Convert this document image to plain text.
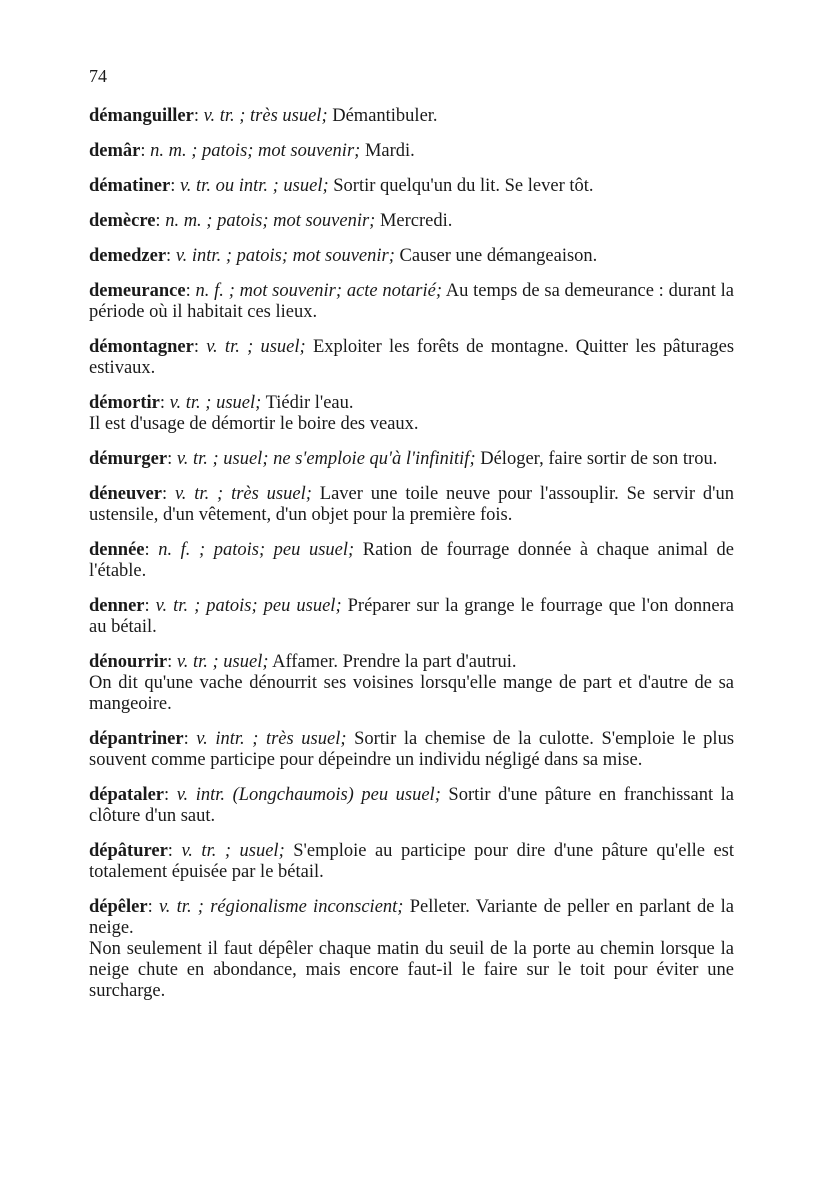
74

démanguiller: v. tr. ; très usuel; Démantibuler.

demâr: n. m. ; patois; mot souvenir; Mardi.

dématiner: v. tr. ou intr. ; usuel; Sortir quelqu'un du lit. Se lever tôt.

demècre: n. m. ; patois; mot souvenir; Mercredi.

demedzer: v. intr. ; patois; mot souvenir; Causer une démangeaison.

demeurance: n. f. ; mot souvenir; acte notarié; Au temps de sa demeurance : durant la période où il habitait ces lieux.

démontagner: v. tr. ; usuel; Exploiter les forêts de montagne. Quitter les pâturages estivaux.

démortir: v. tr. ; usuel; Tiédir l'eau.

Il est d'usage de démortir le boire des veaux.

démurger: v. tr. ; usuel; ne s'emploie qu'à l'infinitif; Déloger, faire sortir de son trou.

déneuver: v. tr. ; très usuel; Laver une toile neuve pour l'assouplir. Se servir d'un ustensile, d'un vêtement, d'un objet pour la première fois.

dennée: n. f. ; patois; peu usuel; Ration de fourrage donnée à chaque animal de l'étable.

denner: v. tr. ; patois; peu usuel; Préparer sur la grange le fourrage que l'on donnera au bétail.

dénourrir: v. tr. ; usuel; Affamer. Prendre la part d'autrui.

On dit qu'une vache dénourrit ses voisines lorsqu'elle mange de part et d'autre de sa mangeoire.

dépantriner: v. intr. ; très usuel; Sortir la chemise de la culotte. S'emploie le plus souvent comme participe pour dépeindre un individu négligé dans sa mise.

dépataler: v. intr. (Longchaumois) peu usuel; Sortir d'une pâture en franchissant la clôture d'un saut.

dépâturer: v. tr. ; usuel; S'emploie au participe pour dire d'une pâture qu'elle est totalement épuisée par le bétail.

dépêler: v. tr. ; régionalisme inconscient; Pelleter. Variante de peller en parlant de la neige.

Non seulement il faut dépêler chaque matin du seuil de la porte au chemin lorsque la neige chute en abondance, mais encore faut-il le faire sur le toit pour éviter une surcharge.
